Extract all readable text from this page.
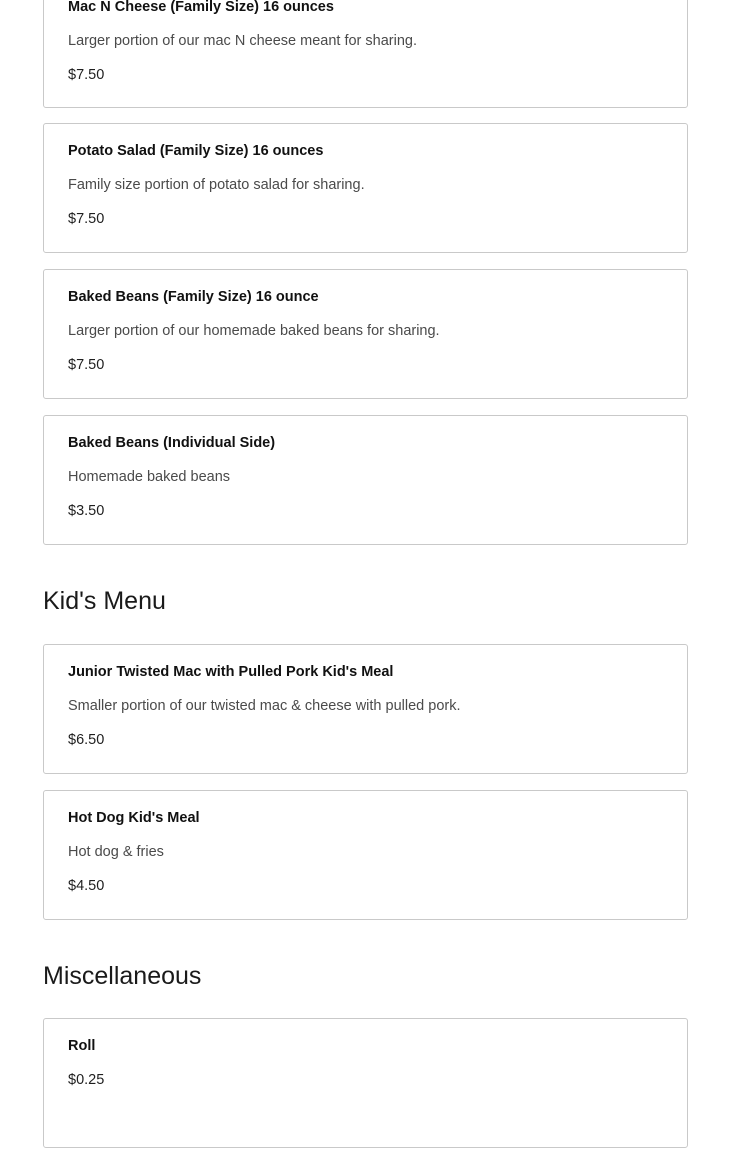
Mac N Cheese (Family Size) 16 ounces
Larger portion of our mac N cheese meant for sharing.
$7.50
Potato Salad (Family Size) 16 ounces
Family size portion of potato salad for sharing.
$7.50
Baked Beans (Family Size) 16 ounce
Larger portion of our homemade baked beans for sharing.
$7.50
Baked Beans (Individual Side)
Homemade baked beans
$3.50
Kid's Menu
Junior Twisted Mac with Pulled Pork Kid's Meal
Smaller portion of our twisted mac & cheese with pulled pork.
$6.50
Hot Dog Kid's Meal
Hot dog & fries
$4.50
Miscellaneous
Roll
$0.25
